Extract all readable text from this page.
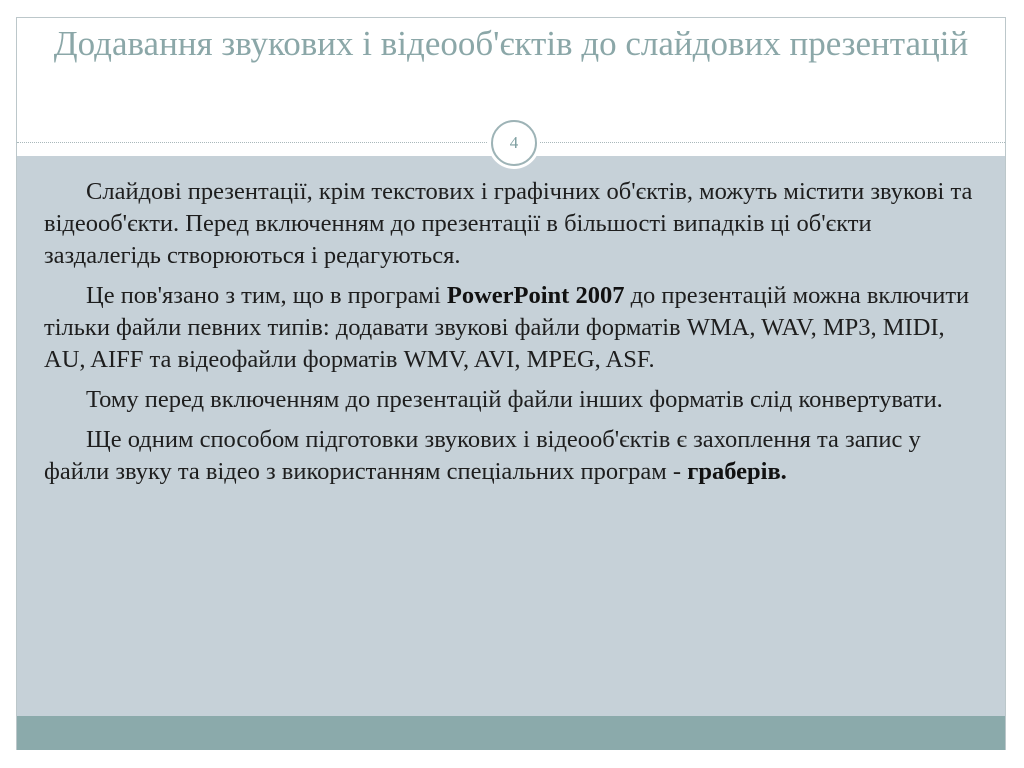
Додавання звукових і відеооб'єктів до слайдових презентацій
4

Слайдові презентації, крім текстових і графічних об'єктів, можуть містити звукові та відеооб'єкти. Перед включенням до презентації в більшості випадків ці об'єкти заздалегідь створюються і редагуються.

Це пов'язано з тим, що в програмі PowerPoint 2007 до презентацій можна включити тільки файли певних типів: додавати звукові файли форматів WMA, WAV, MP3, MIDI, AU, AIFF та відеофайли форматів WMV, AVI, MPEG, ASF.

Тому перед включенням до презентацій файли інших форматів слід конвертувати.

Ще одним способом підготовки звукових і відеооб'єктів є захоплення та запис у файли звуку та відео з використанням спеціальних програм - граберів.
